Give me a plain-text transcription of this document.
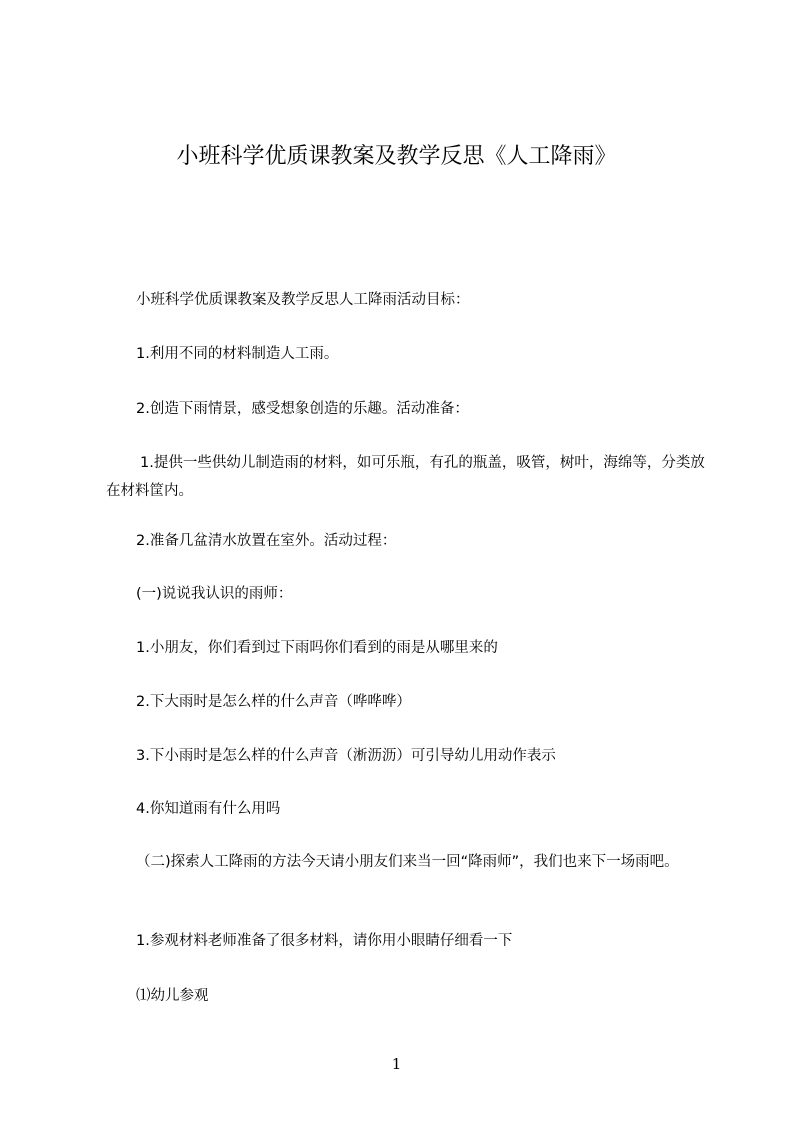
小班科学优质课教案及教学反思《人工降雨》
小班科学优质课教案及教学反思人工降雨活动目标：
1.利用不同的材料制造人工雨。
2.创造下雨情景，感受想象创造的乐趣。活动准备：
1.提供一些供幼儿制造雨的材料，如可乐瓶，有孔的瓶盖，吸管，树叶，海绵等，分类放在材料筐内。
2.准备几盆清水放置在室外。活动过程：
(一)说说我认识的雨师：
1.小朋友，你们看到过下雨吗你们看到的雨是从哪里来的
2.下大雨时是怎么样的什么声音（哗哗哗）
3.下小雨时是怎么样的什么声音（淅沥沥）可引导幼儿用动作表示
4.你知道雨有什么用吗
（二)探索人工降雨的方法今天请小朋友们来当一回“降雨师”，我们也来下一场雨吧。
1.参观材料老师准备了很多材料，请你用小眼睛仔细看一下
⑴幼儿参观
1
